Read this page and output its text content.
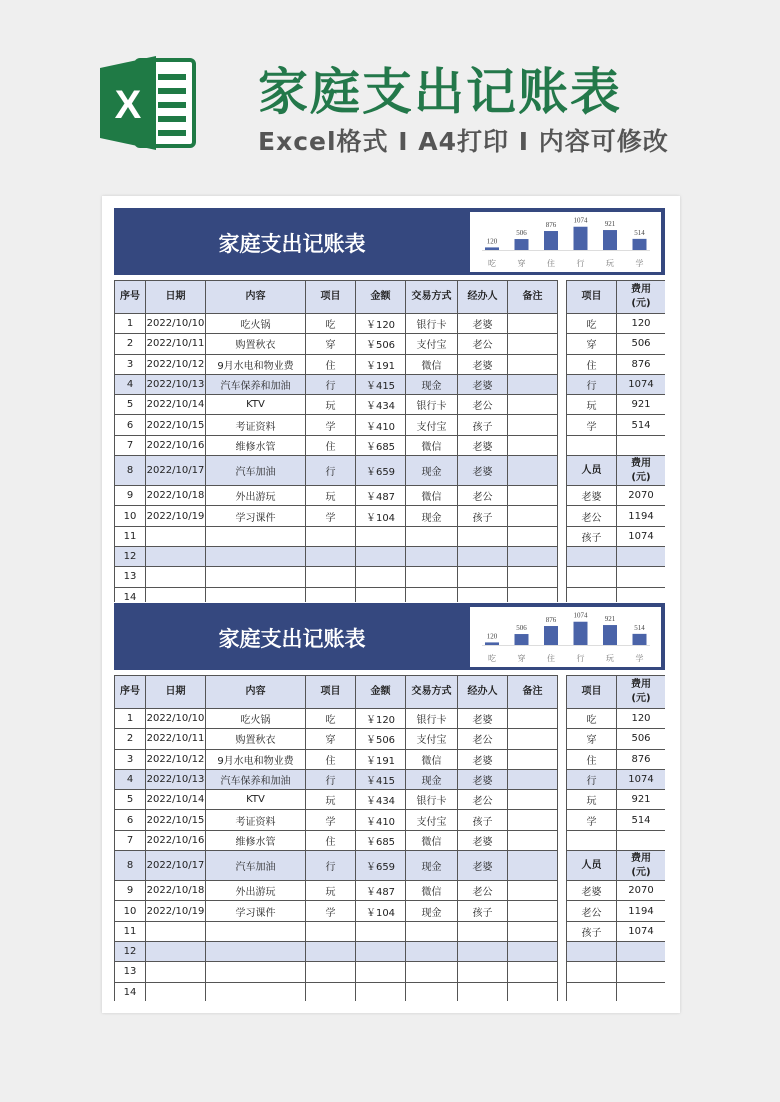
X 家庭支出记账表
Excel格式 I A4打印 I 内容可修改
家庭支出记账表	120
吃
506
穿
876
住
1074
行
921
玩
514
学
序号	日期	内容	项目	金额	交易方式	经办人	备注		项目	费用
(元)
1	2022/10/10	吃火锅	吃	￥120	银行卡	老婆			吃	120
2	2022/10/11	购置秋衣	穿	￥506	支付宝	老公			穿	506
3	2022/10/12	9月水电和物业费	住	￥191	微信	老婆			住	876
4	2022/10/13	汽车保养和加油	行	￥415	现金	老婆			行	1074
5	2022/10/14	KTV	玩	￥434	银行卡	老公			玩	921
6	2022/10/15	考证资料	学	￥410	支付宝	孩子			学	514
7	2022/10/16	维修水管	住	￥685	微信	老婆				
8	2022/10/17	汽车加油	行	￥659	现金	老婆			人员	费用
(元)
9	2022/10/18	外出游玩	玩	￥487	微信	老公			老婆	2070
10	2022/10/19	学习课件	学	￥104	现金	孩子			老公	1194
11									孩子	1074
12										
13										
14										
家庭支出记账表	120
吃
506
穿
876
住
1074
行
921
玩
514
学
序号	日期	内容	项目	金额	交易方式	经办人	备注		项目	费用
(元)
1	2022/10/10	吃火锅	吃	￥120	银行卡	老婆			吃	120
2	2022/10/11	购置秋衣	穿	￥506	支付宝	老公			穿	506
3	2022/10/12	9月水电和物业费	住	￥191	微信	老婆			住	876
4	2022/10/13	汽车保养和加油	行	￥415	现金	老婆			行	1074
5	2022/10/14	KTV	玩	￥434	银行卡	老公			玩	921
6	2022/10/15	考证资料	学	￥410	支付宝	孩子			学	514
7	2022/10/16	维修水管	住	￥685	微信	老婆				
8	2022/10/17	汽车加油	行	￥659	现金	老婆			人员	费用
(元)
9	2022/10/18	外出游玩	玩	￥487	微信	老公			老婆	2070
10	2022/10/19	学习课件	学	￥104	现金	孩子			老公	1194
11									孩子	1074
12										
13										
14										
